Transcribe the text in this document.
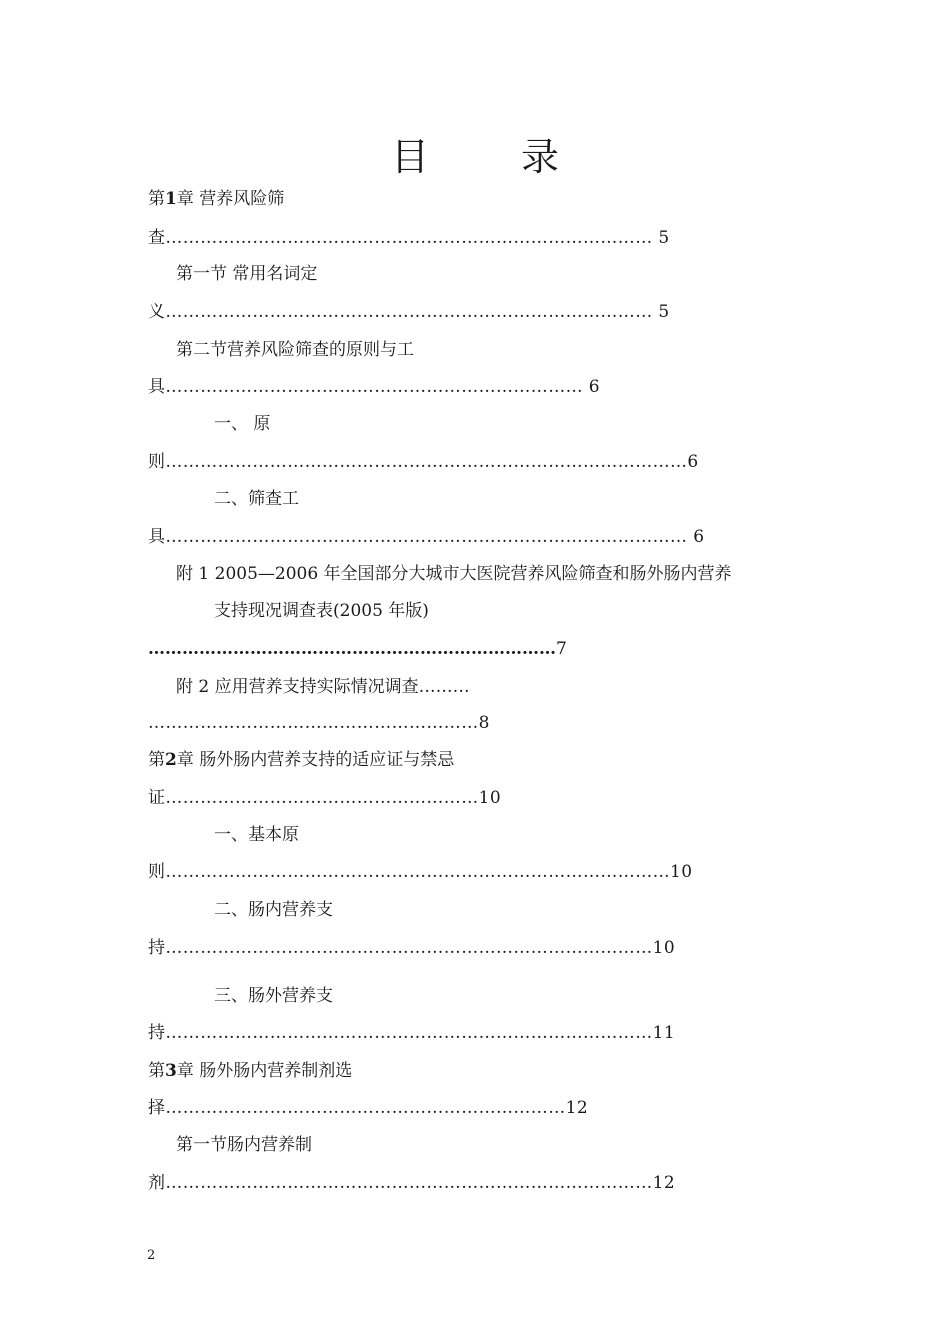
目 录
第1章 营养风险筛
查………………………………………………………………………… 5
第一节 常用名词定
义………………………………………………………………………… 5
第二节营养风险筛查的原则与工
具……………………………………………………………… 6
一、 原
则………………………………………………………………………………6
二、筛查工
具……………………………………………………………………………… 6
附 1 2005—2006 年全国部分大城市大医院营养风险筛查和肠外肠内营养
支持现况调查表(2005 年版)
………………………………………………………………7
附 2 应用营养支持实际情况调查………
…………………………………………………8
第2章 肠外肠内营养支持的适应证与禁忌
证………………………………………………10
一、基本原
则……………………………………………………………………………10
二、肠内营养支
持…………………………………………………………………………10
三、肠外营养支
持…………………………………………………………………………11
第3章 肠外肠内营养制剂选
择……………………………………………………………12
第一节肠内营养制
剂…………………………………………………………………………12
2
